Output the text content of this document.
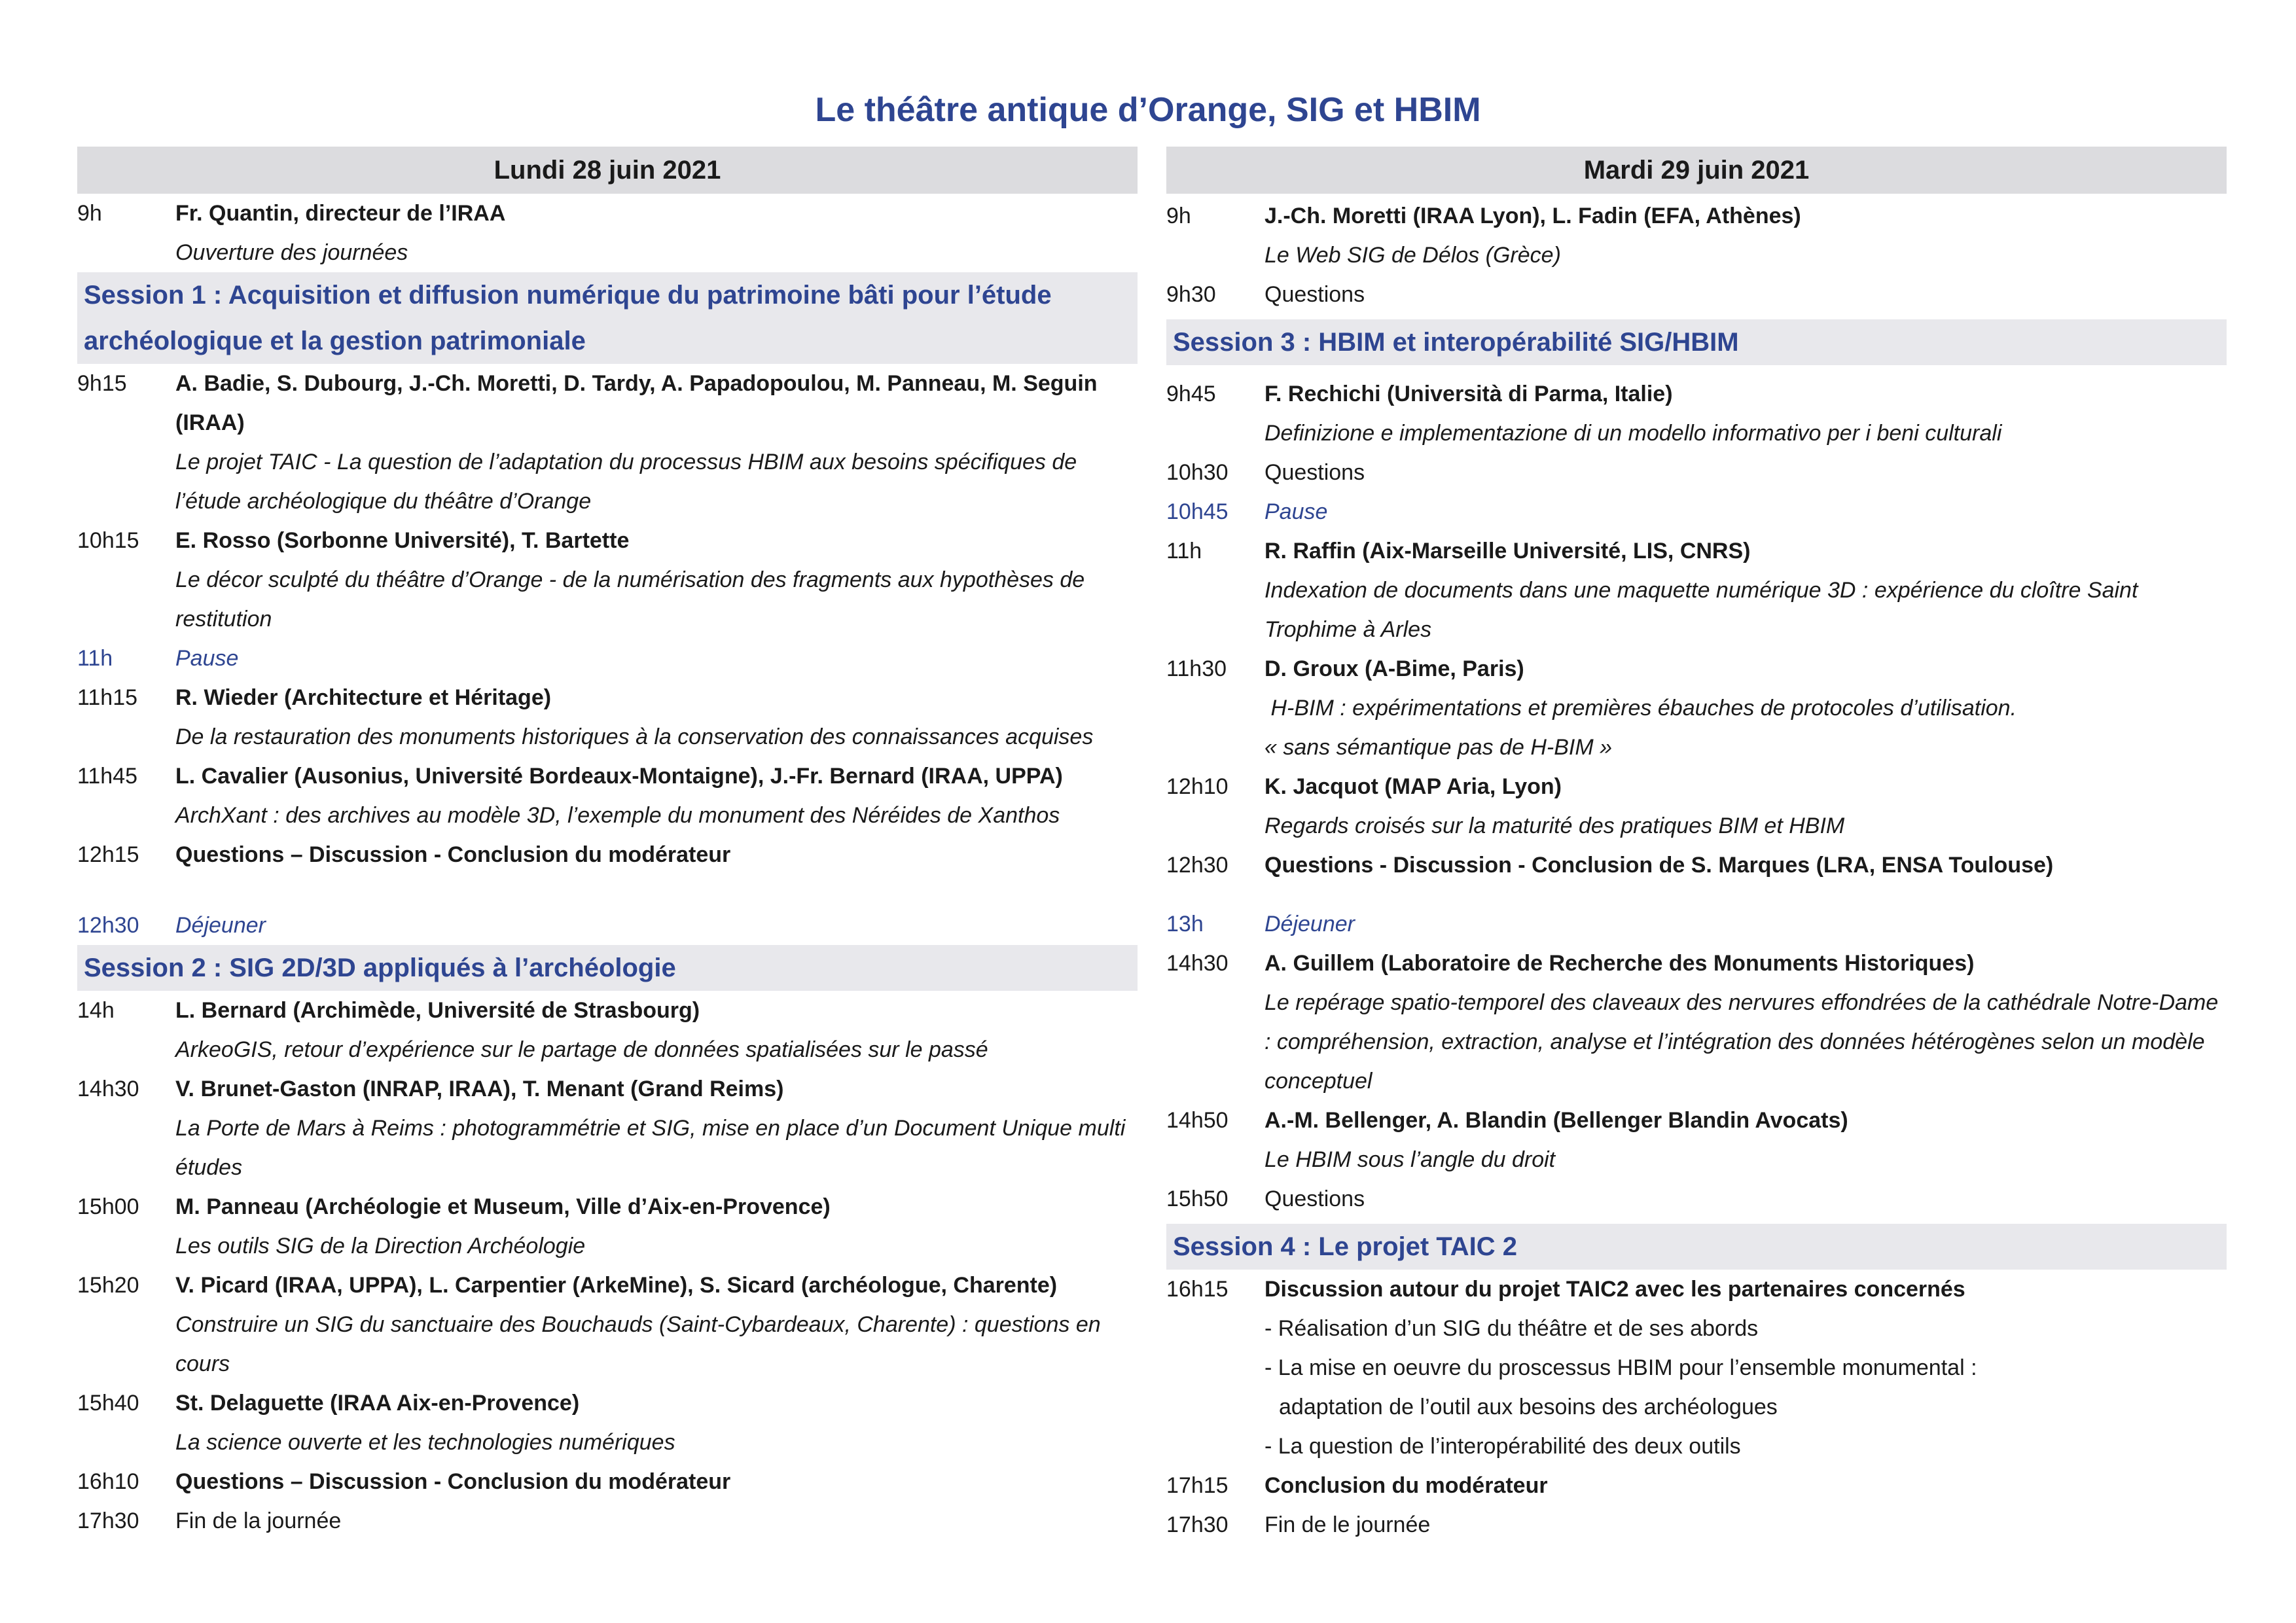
Le théâtre antique d’Orange, SIG et HBIM
Lundi 28 juin 2021
9h	Fr. Quantin, directeur de l’IRAA
Ouverture des journées
Session 1 : Acquisition et diffusion numérique du patrimoine bâti pour l’étude archéologique et la gestion patrimoniale
9h15	A. Badie, S. Dubourg, J.-Ch. Moretti, D. Tardy, A. Papadopoulou, M. Panneau, M. Seguin (IRAA)
Le projet TAIC - La question de l’adaptation du processus HBIM aux besoins spécifiques de l’étude archéologique du théâtre d’Orange
10h15	E. Rosso (Sorbonne Université), T. Bartette
Le décor sculpté du théâtre d’Orange - de la numérisation des fragments aux hypothèses de restitution
11h	Pause
11h15	R. Wieder (Architecture et Héritage)
De la restauration des monuments historiques à la conservation des connaissances acquises
11h45	L. Cavalier (Ausonius, Université Bordeaux-Montaigne), J.-Fr. Bernard (IRAA, UPPA)
ArchXant : des archives au modèle 3D, l’exemple du monument des Néréides de Xanthos
12h15	Questions – Discussion - Conclusion du modérateur
12h30	Déjeuner
Session 2 : SIG 2D/3D appliqués à l’archéologie
14h	L. Bernard (Archimède, Université de Strasbourg)
ArkeoGIS, retour d’expérience sur le partage de données spatialisées sur le passé
14h30	V. Brunet-Gaston (INRAP, IRAA), T. Menant (Grand Reims)
La Porte de Mars à Reims : photogrammétrie et SIG, mise en place d’un Document Unique multi études
15h00	M. Panneau (Archéologie et Museum, Ville d’Aix-en-Provence)
Les outils SIG de la Direction Archéologie
15h20	V. Picard (IRAA, UPPA), L. Carpentier (ArkeMine), S. Sicard (archéologue, Charente)
Construire un SIG du sanctuaire des Bouchauds (Saint-Cybardeaux, Charente) : questions en cours
15h40	St. Delaguette (IRAA Aix-en-Provence)
La science ouverte et les technologies numériques
16h10	Questions – Discussion - Conclusion du modérateur
17h30	Fin de la journée
Mardi 29 juin 2021
9h	J.-Ch. Moretti (IRAA Lyon), L. Fadin (EFA, Athènes)
Le Web SIG de Délos (Grèce)
9h30	Questions
Session 3 : HBIM et interopérabilité SIG/HBIM
9h45	F. Rechichi (Università di Parma, Italie)
Definizione e implementazione di un modello informativo per i beni culturali
10h30	Questions
10h45	Pause
11h	R. Raffin (Aix-Marseille Université, LIS, CNRS)
Indexation de documents dans une maquette numérique 3D : expérience du cloître Saint Trophime à Arles
11h30	D. Groux (A-Bime, Paris)
H-BIM : expérimentations et premières ébauches de protocoles d’utilisation.
« sans sémantique pas de H-BIM »
12h10	K. Jacquot (MAP Aria, Lyon)
Regards croisés sur la maturité des pratiques BIM et HBIM
12h30	Questions - Discussion - Conclusion de S. Marques (LRA, ENSA Toulouse)
13h	Déjeuner
14h30	A. Guillem (Laboratoire de Recherche des Monuments Historiques)
Le repérage spatio-temporel des claveaux des nervures effondrées de la cathédrale Notre-Dame : compréhension, extraction, analyse et l’intégration des données hétérogènes selon un modèle conceptuel
14h50	A.-M. Bellenger, A. Blandin (Bellenger Blandin Avocats)
Le HBIM sous l’angle du droit
15h50	Questions
Session 4 : Le projet TAIC 2
16h15	Discussion autour du projet TAIC2 avec les partenaires concernés
- Réalisation d’un SIG du théâtre et de ses abords
- La mise en oeuvre du proscessus HBIM pour l’ensemble monumental :
adaptation de l’outil aux besoins des archéologues
- La question de l’interopérabilité des deux outils
17h15	Conclusion du modérateur
17h30	Fin de le journée
